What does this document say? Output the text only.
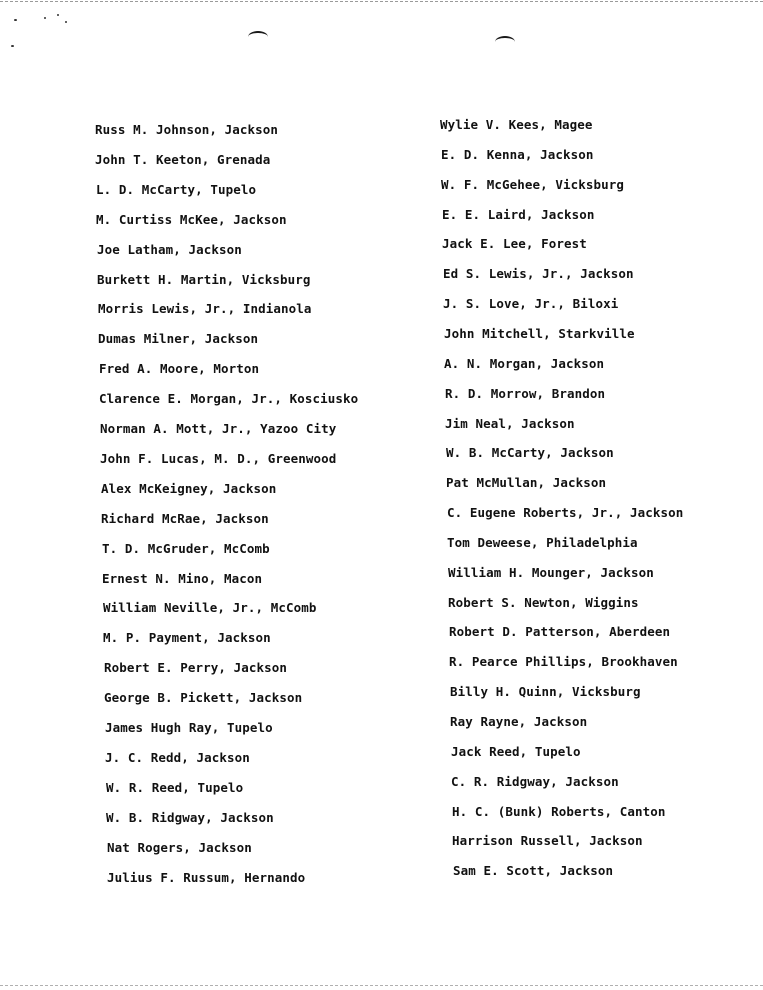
Russ M. Johnson, Jackson
John T. Keeton, Grenada
L. D. McCarty, Tupelo
M. Curtiss McKee, Jackson
Joe Latham, Jackson
Burkett H. Martin, Vicksburg
Morris Lewis, Jr., Indianola
Dumas Milner, Jackson
Fred A. Moore, Morton
Clarence E. Morgan, Jr., Kosciusko
Norman A. Mott, Jr., Yazoo City
John F. Lucas, M. D., Greenwood
Alex McKeigney, Jackson
Richard McRae, Jackson
T. D. McGruder, McComb
Ernest N. Mino, Macon
William Neville, Jr., McComb
M. P. Payment, Jackson
Robert E. Perry, Jackson
George B. Pickett, Jackson
James Hugh Ray, Tupelo
J. C. Redd, Jackson
W. R. Reed, Tupelo
W. B. Ridgway, Jackson
Nat Rogers, Jackson
Julius F. Russum, Hernando
Wylie V. Kees, Magee
E. D. Kenna, Jackson
W. F. McGehee, Vicksburg
E. E. Laird, Jackson
Jack E. Lee, Forest
Ed S. Lewis, Jr., Jackson
J. S. Love, Jr., Biloxi
John Mitchell, Starkville
A. N. Morgan, Jackson
R. D. Morrow, Brandon
Jim Neal, Jackson
W. B. McCarty, Jackson
Pat McMullan, Jackson
C. Eugene Roberts, Jr., Jackson
Tom Deweese, Philadelphia
William H. Mounger, Jackson
Robert S. Newton, Wiggins
Robert D. Patterson, Aberdeen
R. Pearce Phillips, Brookhaven
Billy H. Quinn, Vicksburg
Ray Rayne, Jackson
Jack Reed, Tupelo
C. R. Ridgway, Jackson
H. C. (Bunk) Roberts, Canton
Harrison Russell, Jackson
Sam E. Scott, Jackson
